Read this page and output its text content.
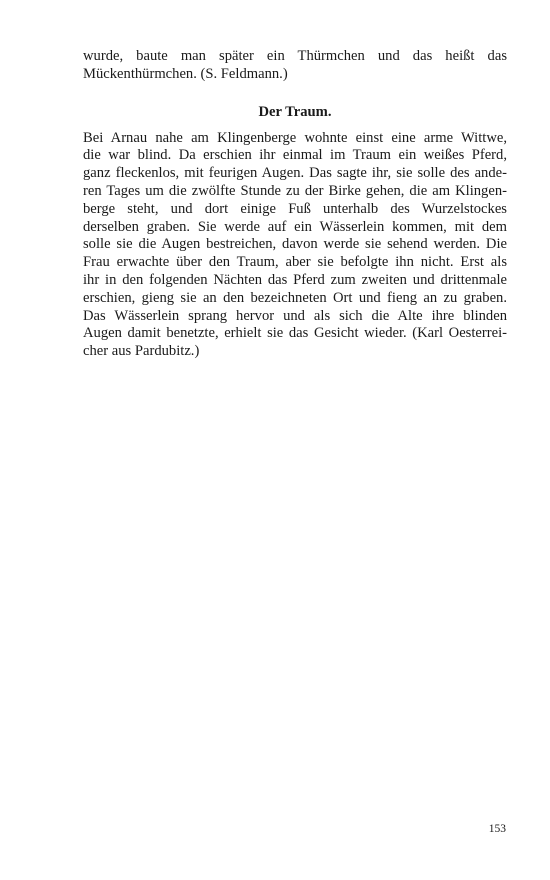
wurde, baute man später ein Thürmchen und das heißt das
Mückenthürmchen. (S. Feldmann.)
Der Traum.
Bei Arnau nahe am Klingenberge wohnte einst eine arme Wittwe,
die war blind. Da erschien ihr einmal im Traum ein weißes Pferd,
ganz fleckenlos, mit feurigen Augen. Das sagte ihr, sie solle des ande-
ren Tages um die zwölfte Stunde zu der Birke gehen, die am Klingen-
berge steht, und dort einige Fuß unterhalb des Wurzelstockes
derselben graben. Sie werde auf ein Wässerlein kommen, mit dem
solle sie die Augen bestreichen, davon werde sie sehend werden. Die
Frau erwachte über den Traum, aber sie befolgte ihn nicht. Erst als
ihr in den folgenden Nächten das Pferd zum zweiten und drittenmale
erschien, gieng sie an den bezeichneten Ort und fieng an zu graben.
Das Wässerlein sprang hervor und als sich die Alte ihre blinden
Augen damit benetzte, erhielt sie das Gesicht wieder. (Karl Oesterrei-
cher aus Pardubitz.)
153
